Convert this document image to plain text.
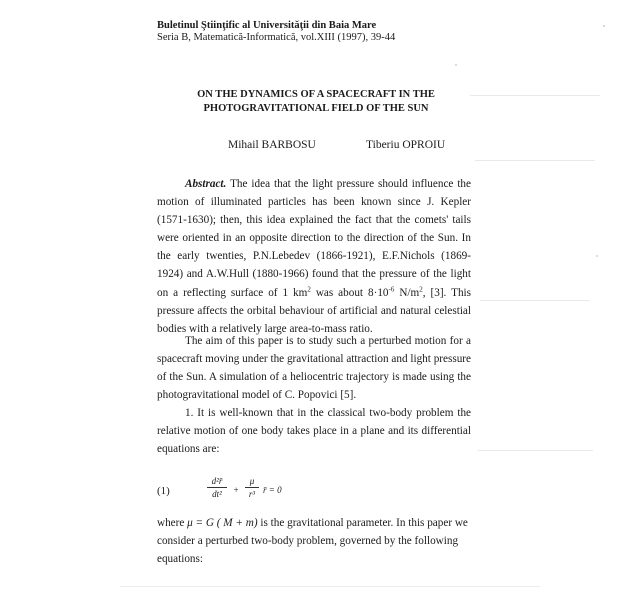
Buletinul Ştiinţific al Universităţii din Baia Mare
Seria B, Matematică-Informatică, vol.XIII (1997), 39-44
ON THE DYNAMICS OF A SPACECRAFT IN THE
PHOTOGRAVITATIONAL FIELD OF THE SUN
Mihail BARBOSU	Tiberiu OPROIU
Abstract. The idea that the light pressure should influence the motion of illuminated particles has been known since J. Kepler (1571-1630); then, this idea explained the fact that the comets' tails were oriented in an opposite direction to the direction of the Sun. In the early twenties, P.N.Lebedev (1866-1921), E.F.Nichols (1869-1924) and A.W.Hull (1880-1966) found that the pressure of the light on a reflecting surface of 1 $km^2$ was about $8\cdot 10^{-6}$ $N/m^2$, [3]. This pressure affects the orbital behaviour of artificial and natural celestial bodies with a relatively large area-to-mass ratio.
The aim of this paper is to study such a perturbed motion for a spacecraft moving under the gravitational attraction and light pressure of the Sun. A simulation of a heliocentric trajectory is made using the photogravitational model of C. Popovici [5].
1. It is well-known that in the classical two-body problem the relative motion of one body takes place in a plane and its differential equations are:
(1)
d²r̄
dt²	+
μ
r³ r̄ = 0
where μ = G ( M + m) is the gravitational parameter. In this paper we consider a perturbed two-body problem, governed by the following equations:
